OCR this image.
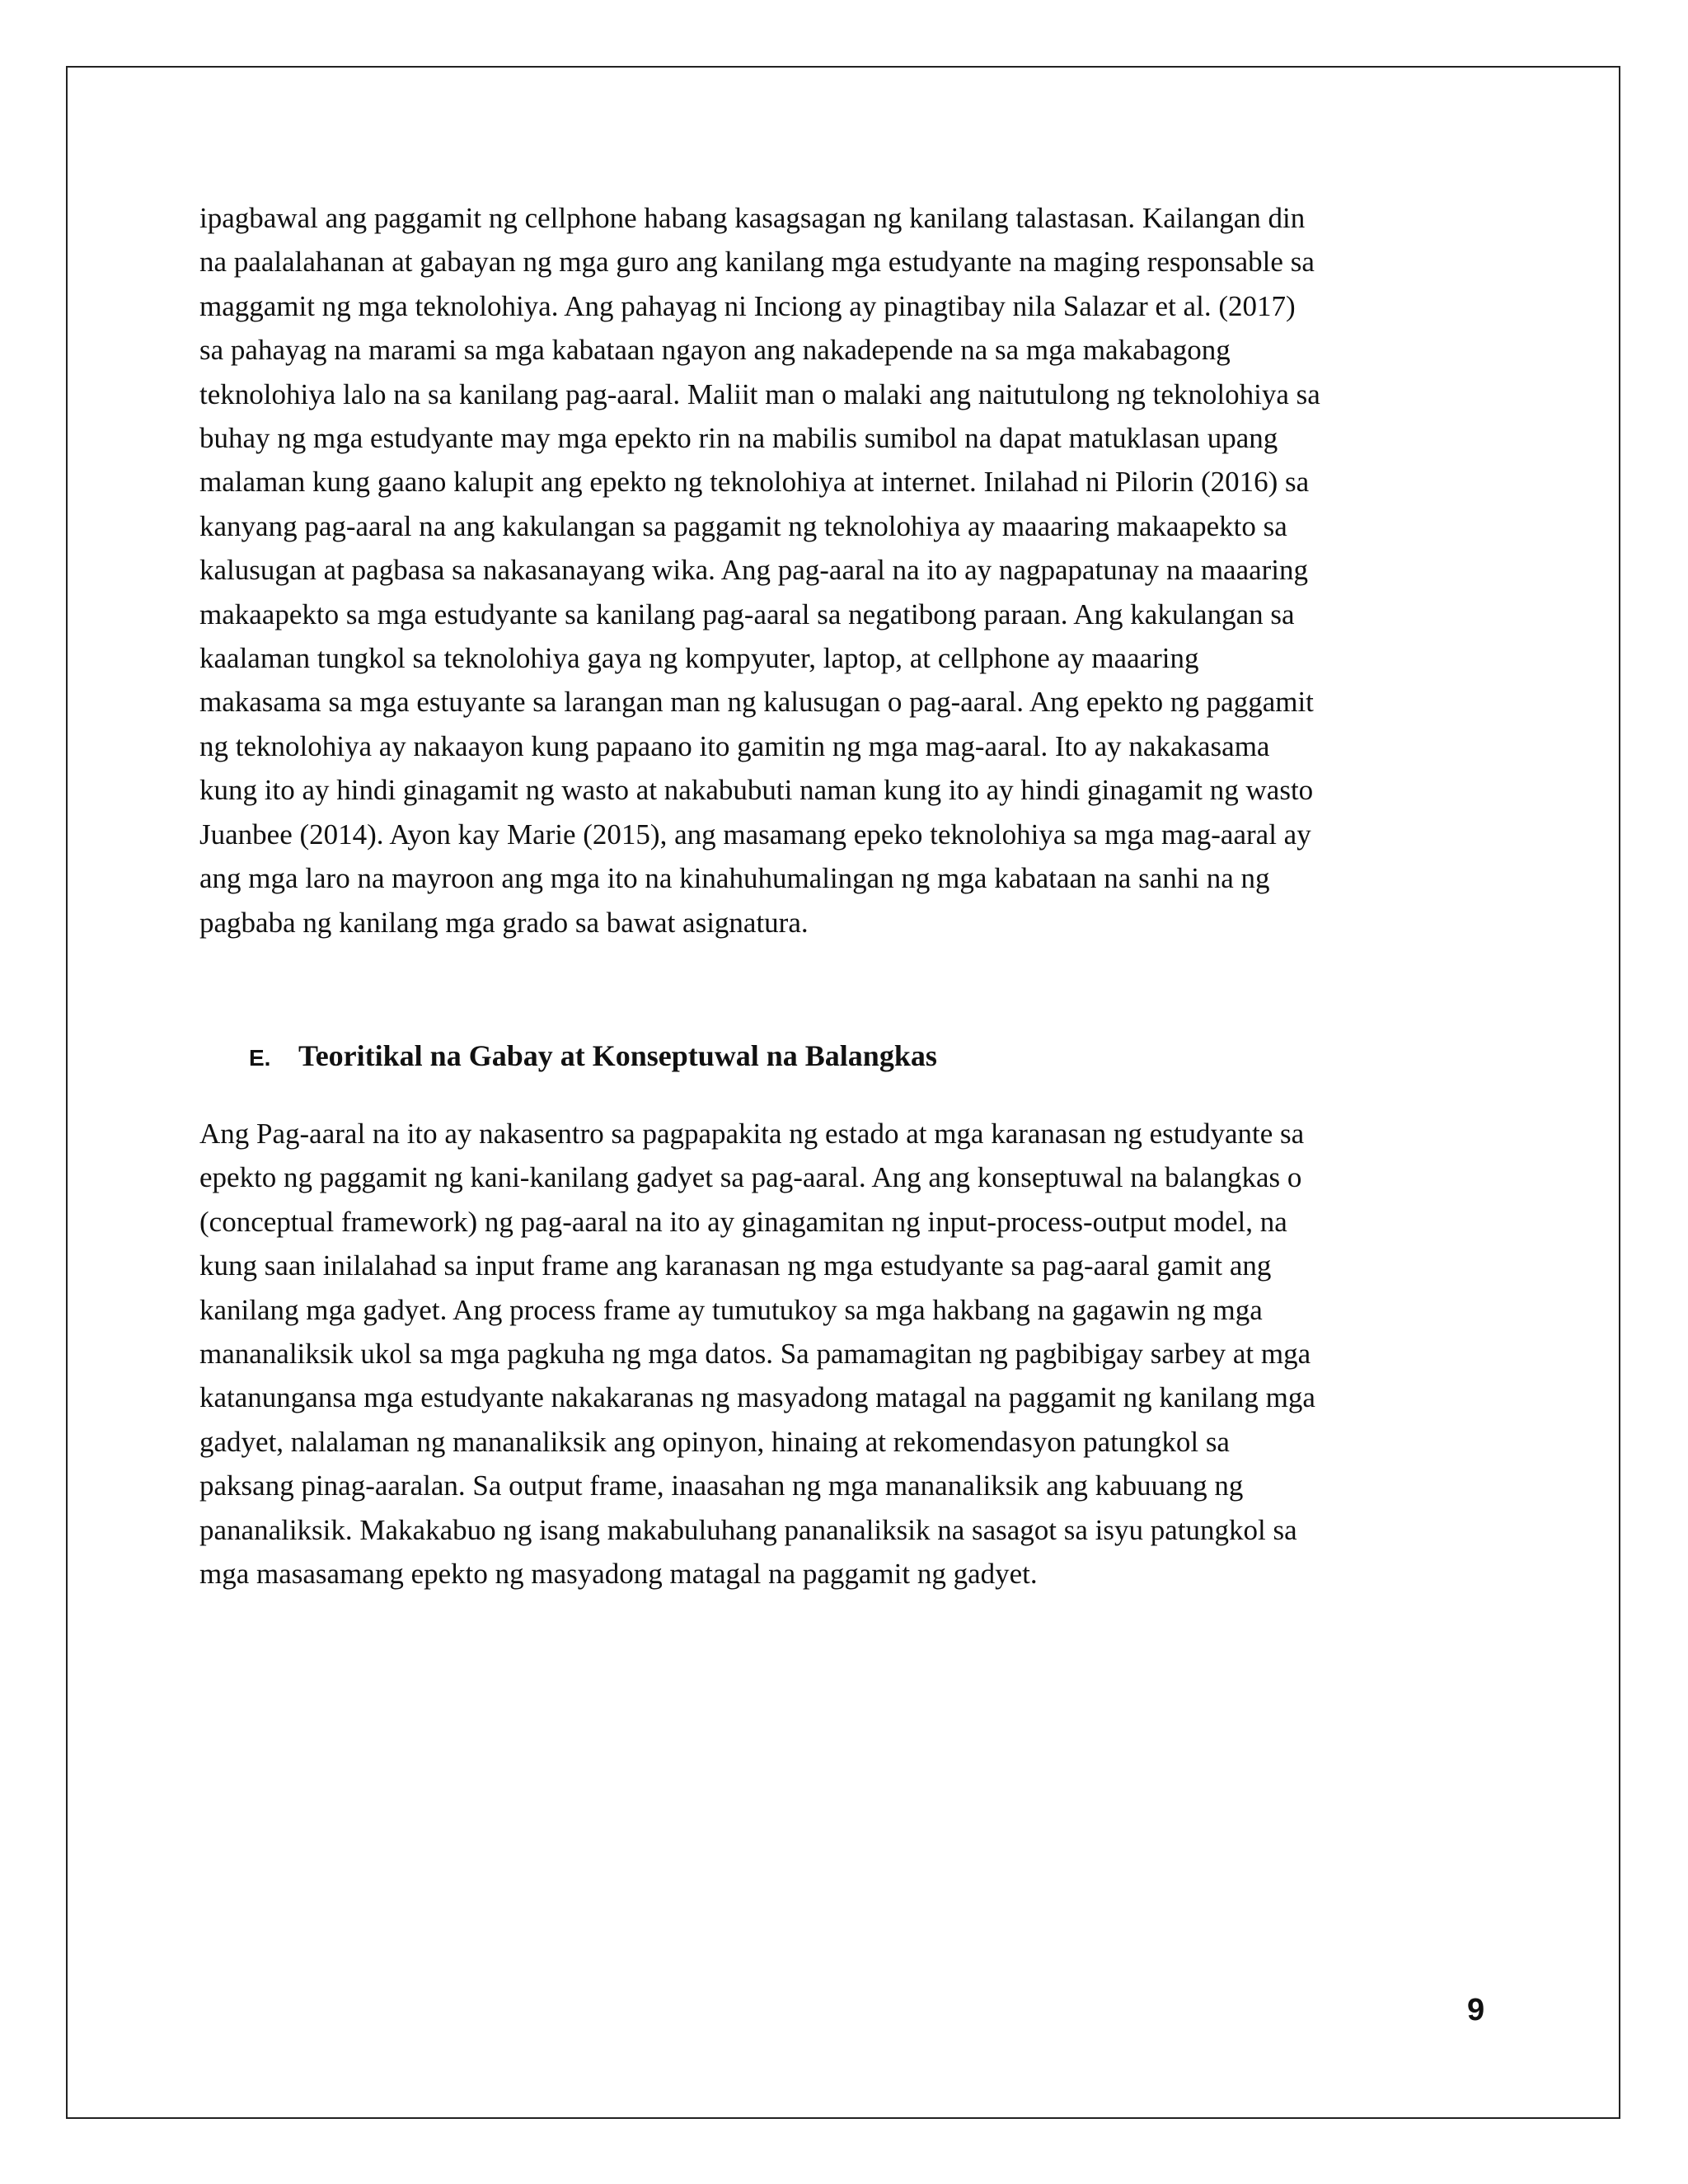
ipagbawal ang paggamit ng cellphone habang kasagsagan ng kanilang talastasan. Kailangan din
na paalalahanan at gabayan ng mga guro ang kanilang mga estudyante na maging responsable sa
maggamit ng mga teknolohiya. Ang pahayag ni Inciong ay pinagtibay nila Salazar et al. (2017)
sa pahayag na marami sa mga kabataan ngayon ang nakadepende na sa mga makabagong
teknolohiya lalo na sa kanilang pag-aaral. Maliit man o malaki ang naitutulong ng teknolohiya sa
buhay ng mga estudyante may mga epekto rin na mabilis sumibol na dapat matuklasan upang
malaman kung gaano kalupit ang epekto ng teknolohiya at internet. Inilahad ni Pilorin (2016) sa
kanyang pag-aaral na ang kakulangan sa paggamit ng teknolohiya ay maaaring makaapekto sa
kalusugan at pagbasa sa nakasanayang wika. Ang pag-aaral na ito ay nagpapatunay na maaaring
makaapekto sa mga estudyante sa kanilang pag-aaral sa negatibong paraan. Ang kakulangan sa
kaalaman tungkol sa teknolohiya gaya ng kompyuter, laptop, at cellphone ay maaaring
makasama sa mga estuyante sa larangan man ng kalusugan o pag-aaral. Ang epekto ng paggamit
ng teknolohiya ay nakaayon kung papaano ito gamitin ng mga mag-aaral. Ito ay nakakasama
kung ito ay hindi ginagamit ng wasto at nakabubuti naman kung ito ay hindi ginagamit ng wasto
Juanbee (2014). Ayon kay Marie (2015), ang masamang epeko teknolohiya sa mga mag-aaral ay
ang mga laro na mayroon ang mga ito na kinahuhumalingan ng mga kabataan na sanhi na ng
pagbaba ng kanilang mga grado sa bawat asignatura.
E. Teoritikal na Gabay at Konseptuwal na Balangkas
Ang Pag-aaral na ito ay nakasentro sa pagpapakita ng estado at mga karanasan ng estudyante sa
epekto ng paggamit ng kani-kanilang gadyet sa pag-aaral. Ang ang konseptuwal na balangkas o
(conceptual framework) ng pag-aaral na ito ay ginagamitan ng input-process-output model, na
kung saan inilalahad sa input frame ang karanasan ng mga estudyante sa pag-aaral gamit ang
kanilang mga gadyet. Ang process frame ay tumutukoy sa mga hakbang na gagawin ng mga
mananaliksik ukol sa mga pagkuha ng mga datos. Sa pamamagitan ng pagbibigay sarbey at mga
katanungansa mga estudyante nakakaranas ng masyadong matagal na paggamit ng kanilang mga
gadyet, nalalaman ng mananaliksik ang opinyon, hinaing at rekomendasyon patungkol sa
paksang pinag-aaralan. Sa output frame, inaasahan ng mga mananaliksik ang kabuuang ng
pananaliksik. Makakabuo ng isang makabuluhang pananaliksik na sasagot sa isyu patungkol sa
mga masasamang epekto ng masyadong matagal na paggamit ng gadyet.
9
